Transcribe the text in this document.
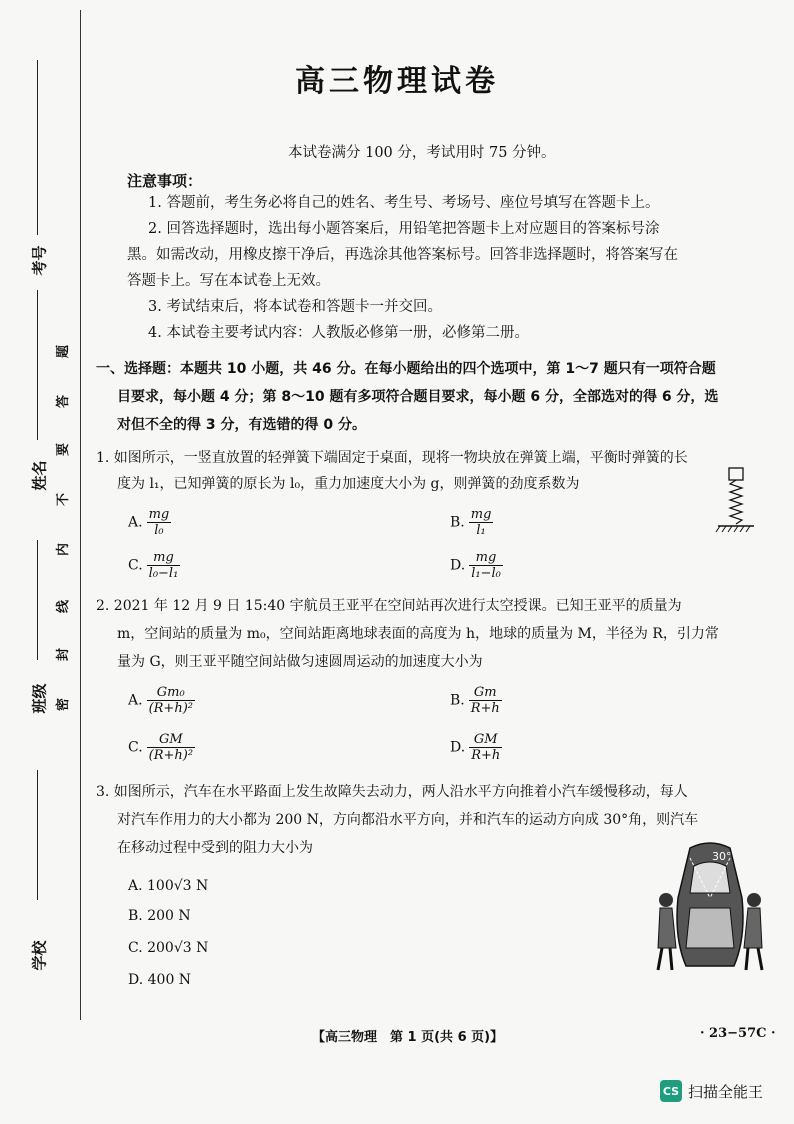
考号
姓名
班级
学校
密
封
线
内
不
要
答
题
高三物理试卷
本试卷满分 100 分，考试用时 75 分钟。
注意事项：
1. 答题前，考生务必将自己的姓名、考生号、考场号、座位号填写在答题卡上。
2. 回答选择题时，选出每小题答案后，用铅笔把答题卡上对应题目的答案标号涂
黑。如需改动，用橡皮擦干净后，再选涂其他答案标号。回答非选择题时，将答案写在
答题卡上。写在本试卷上无效。
3. 考试结束后，将本试卷和答题卡一并交回。
4. 本试卷主要考试内容：人教版必修第一册，必修第二册。
一、选择题：本题共 10 小题，共 46 分。在每小题给出的四个选项中，第 1～7 题只有一项符合题
目要求，每小题 4 分；第 8～10 题有多项符合题目要求，每小题 6 分，全部选对的得 6 分，选
对但不全的得 3 分，有选错的得 0 分。
1. 如图所示，一竖直放置的轻弹簧下端固定于桌面，现将一物块放在弹簧上端，平衡时弹簧的长
度为 l₁，已知弹簧的原长为 l₀，重力加速度大小为 g，则弹簧的劲度系数为
A. $\frac{mg}{\text{l₀}}$	B. $\frac{mg}{\text{l₁}}$
C. $\frac{mg}{\text{l₀−l₁}}$	D. $\frac{mg}{\text{l₁−l₀}}$
2. 2021 年 12 月 9 日 15:40 宇航员王亚平在空间站再次进行太空授课。已知王亚平的质量为
m，空间站的质量为 m₀，空间站距离地球表面的高度为 h，地球的质量为 M，半径为 R，引力常
量为 G，则王亚平随空间站做匀速圆周运动的加速度大小为
A. $\frac{\text{Gm₀}}{\text{(R+h)²}}$	B. $\frac{Gm}{R+h}$
C. $\frac{GM}{\text{(R+h)²}}$	D. $\frac{GM}{R+h}$
3. 如图所示，汽车在水平路面上发生故障失去动力，两人沿水平方向推着小汽车缓慢移动，每人
对汽车作用力的大小都为 200 N，方向都沿水平方向，并和汽车的运动方向成 30°角，则汽车
在移动过程中受到的阻力大小为
A. 100√3 N
B. 200 N
C. 200√3 N
D. 400 N
30°
【高三物理　第 1 页(共 6 页)】	· 23−57C ·
CS 扫描全能王
